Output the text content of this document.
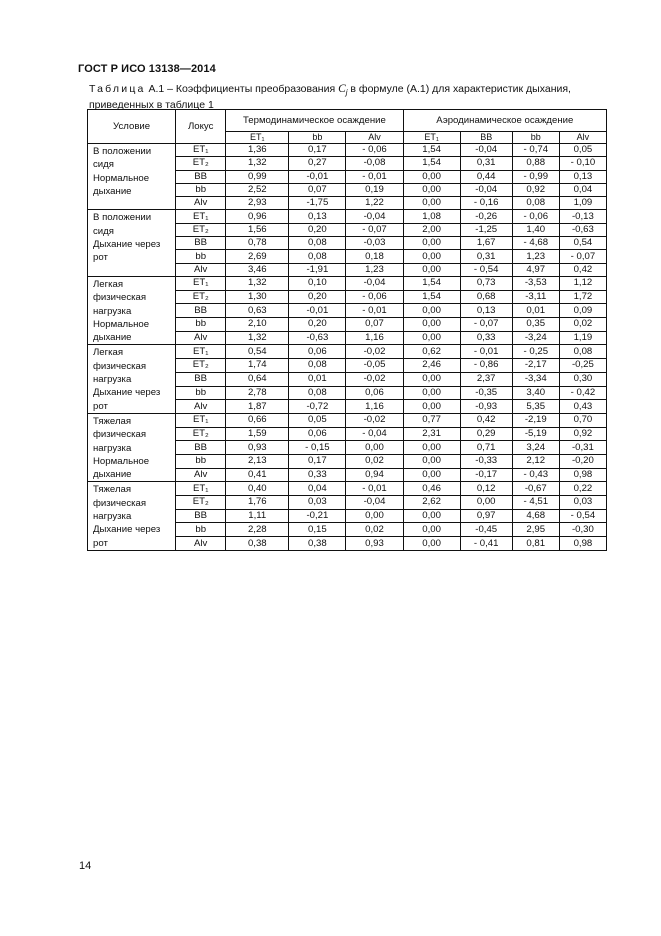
ГОСТ Р ИСО 13138—2014
Таблица А.1 – Коэффициенты преобразования $C_j$ в формуле (А.1) для характеристик дыхания, приведенных в таблице 1
Условие	Локус	Термодинамическое осаждение			Аэродинамическое осаждение			
		ET₁	bb	Alv	ET₁	BB	bb	Alv
В положении сидя
Нормальное дыхание	ET₁	1,36	0,17	- 0,06	1,54	-0,04	- 0,74	0,05
	ET₂	1,32	0,27	-0,08	1,54	0,31	0,88	- 0,10
	BB	0,99	-0,01	- 0,01	0,00	0,44	- 0,99	0,13
	bb	2,52	0,07	0,19	0,00	-0,04	0,92	0,04
	Alv	2,93	-1,75	1,22	0,00	- 0,16	0,08	1,09
В положении сидя
Дыхание через рот	ET₁	0,96	0,13	-0,04	1,08	-0,26	- 0,06	-0,13
	ET₂	1,56	0,20	- 0,07	2,00	-1,25	1,40	-0,63
	BB	0,78	0,08	-0,03	0,00	1,67	- 4,68	0,54
	bb	2,69	0,08	0,18	0,00	0,31	1,23	- 0,07
	Alv	3,46	-1,91	1,23	0,00	- 0,54	4,97	0,42
Легкая физическая нагрузка
Нормальное дыхание	ET₁	1,32	0,10	-0,04	1,54	0,73	-3,53	1,12
	ET₂	1,30	0,20	- 0,06	1,54	0,68	-3,11	1,72
	BB	0,63	-0,01	- 0,01	0,00	0,13	0,01	0,09
	bb	2,10	0,20	0,07	0,00	- 0,07	0,35	0,02
	Alv	1,32	-0,63	1,16	0,00	0,33	-3,24	1,19
Легкая физическая нагрузка
Дыхание через рот	ET₁	0,54	0,06	-0,02	0,62	- 0,01	- 0,25	0,08
	ET₂	1,74	0,08	-0,05	2,46	- 0,86	-2,17	-0,25
	BB	0,64	0,01	-0,02	0,00	2,37	-3,34	0,30
	bb	2,78	0,08	0,06	0,00	-0,35	3,40	- 0,42
	Alv	1,87	-0,72	1,16	0,00	-0,93	5,35	0,43
Тяжелая физическая нагрузка
Нормальное дыхание	ET₁	0,66	0,05	-0,02	0,77	0,42	-2,19	0,70
	ET₂	1,59	0,06	- 0,04	2,31	0,29	-5,19	0,92
	BB	0,93	- 0,15	0,00	0,00	0,71	3,24	-0,31
	bb	2,13	0,17	0,02	0,00	-0,33	2,12	-0,20
	Alv	0,41	0,33	0,94	0,00	-0,17	- 0,43	0,98
Тяжелая физическая нагрузка
Дыхание через рот	ET₁	0,40	0,04	- 0,01	0,46	0,12	-0,67	0,22
	ET₂	1,76	0,03	-0,04	2,62	0,00	- 4,51	0,03
	BB	1,11	-0,21	0,00	0,00	0,97	4,68	- 0,54
	bb	2,28	0,15	0,02	0,00	-0,45	2,95	-0,30
	Alv	0,38	0,38	0,93	0,00	- 0,41	0,81	0,98
14
